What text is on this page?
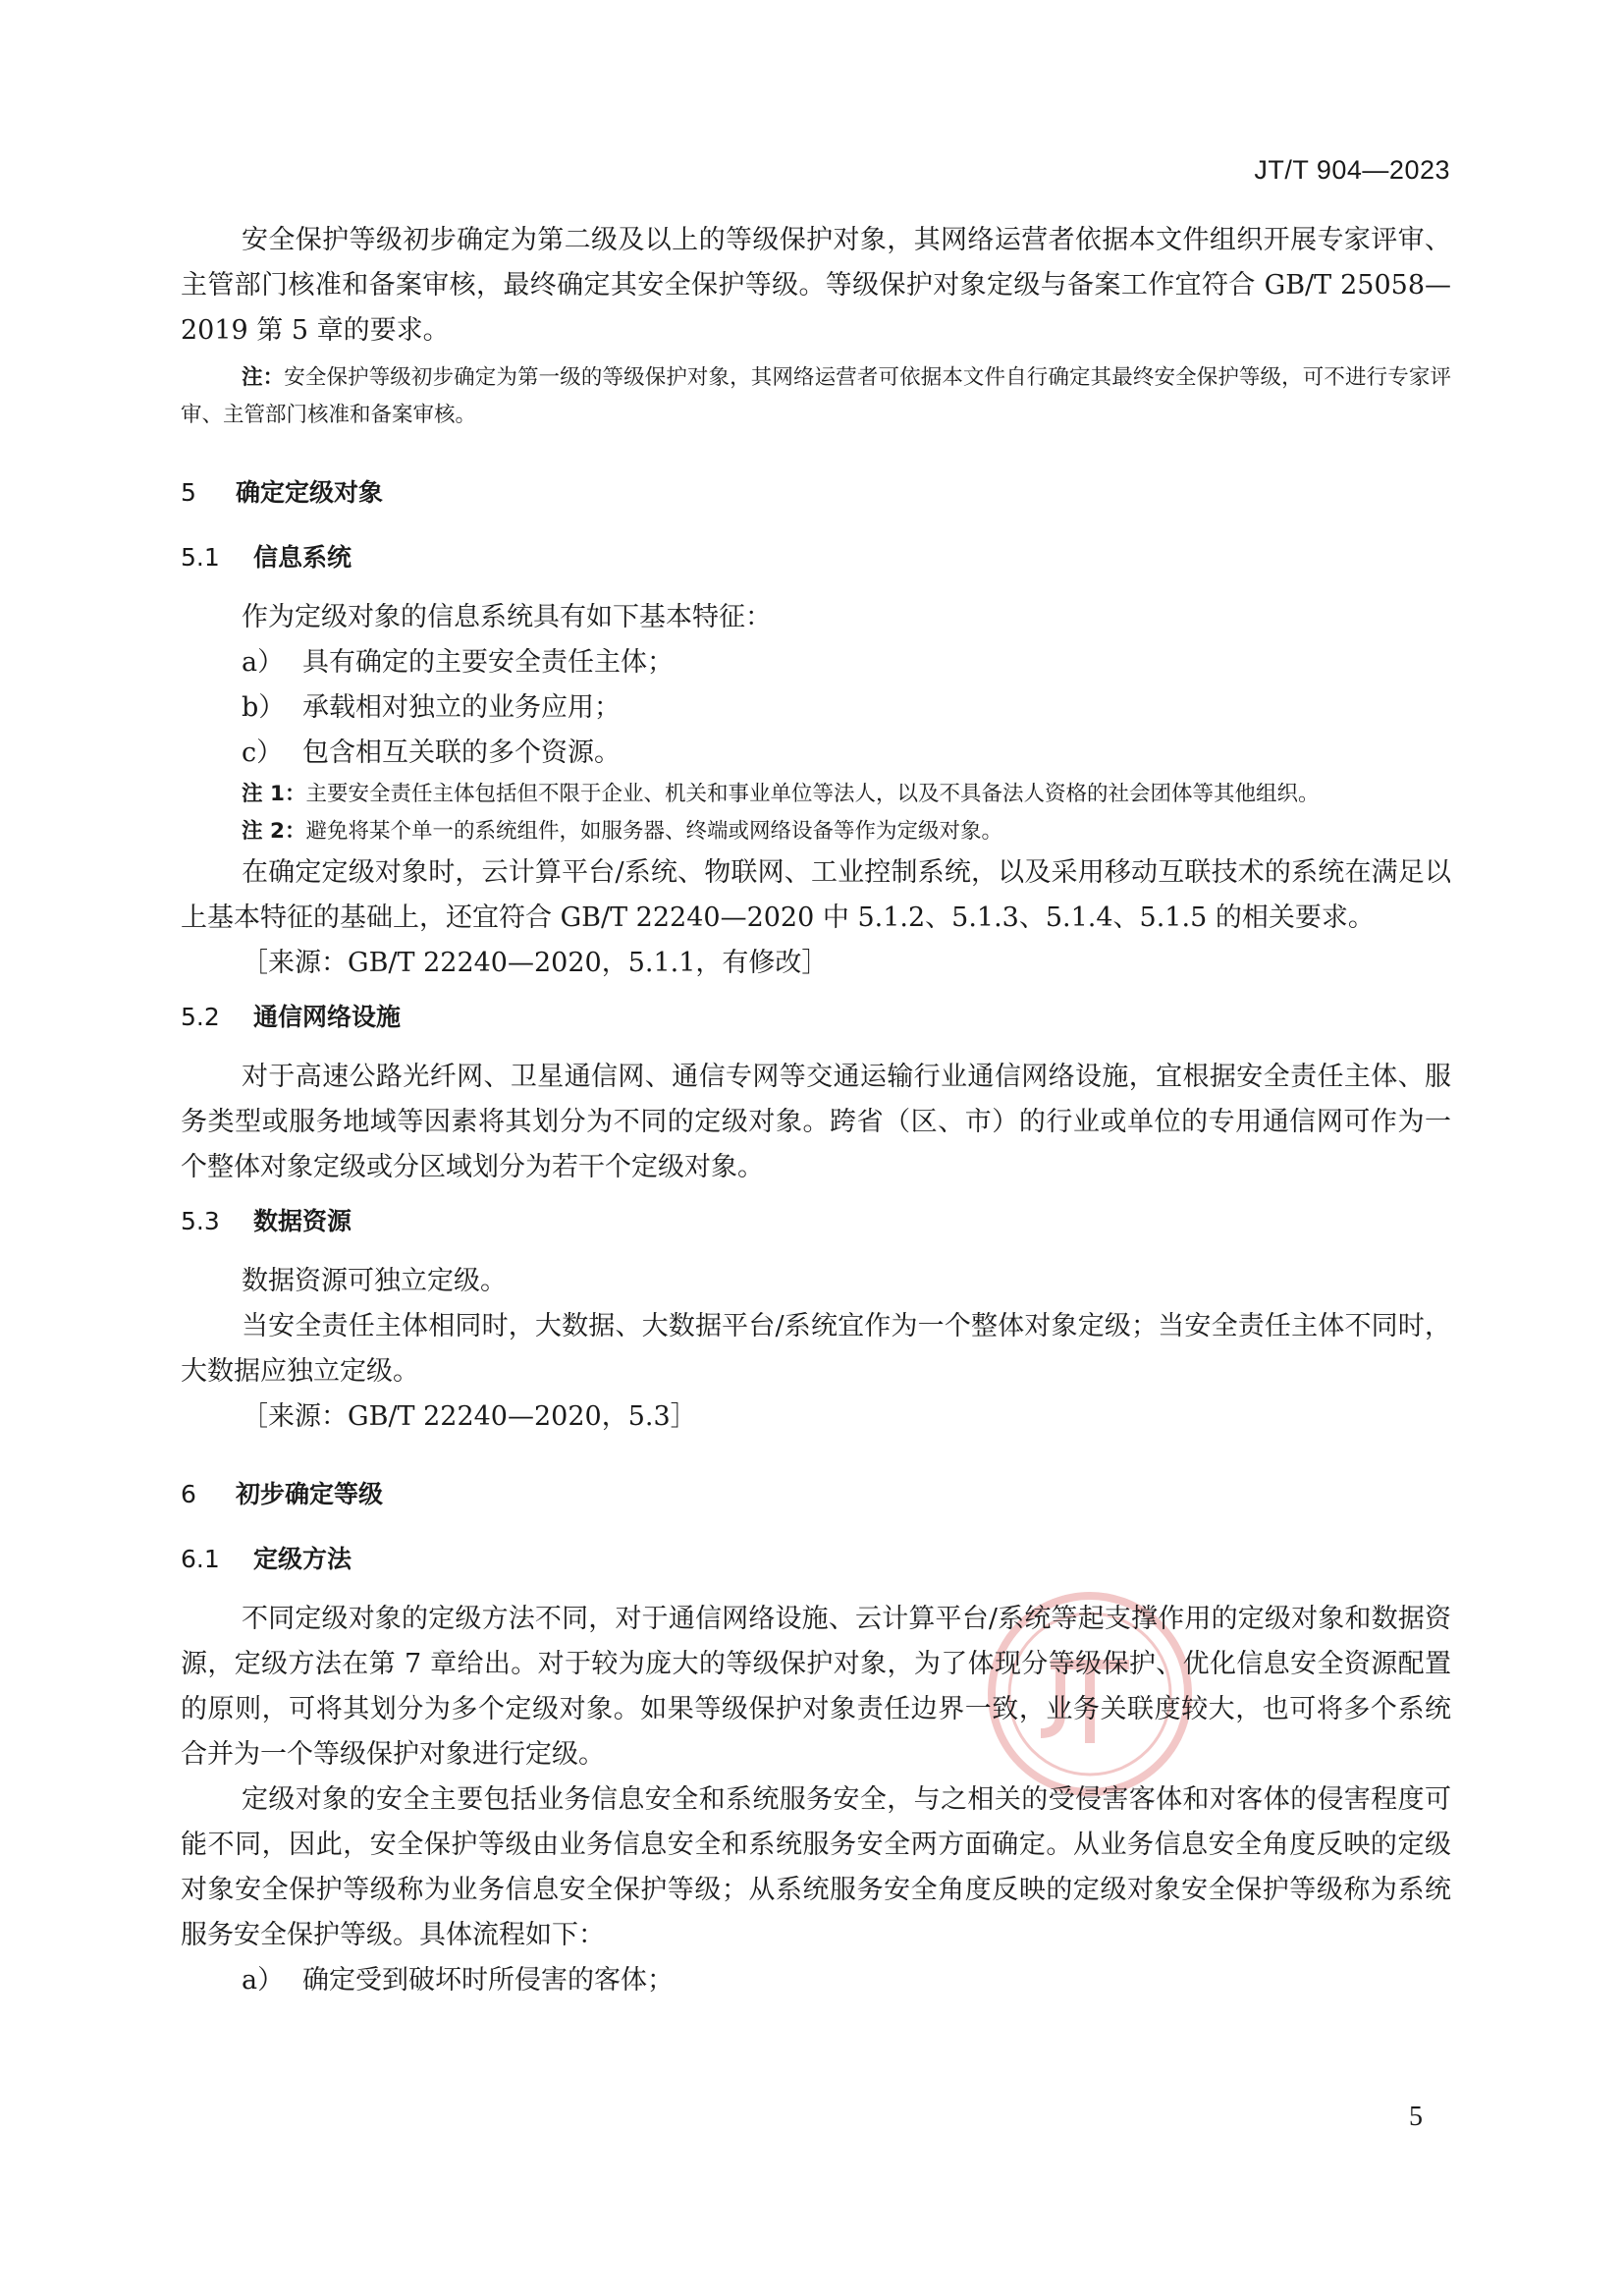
JT/T 904—2023

安全保护等级初步确定为第二级及以上的等级保护对象，其网络运营者依据本文件组织开展专家评审、主管部门核准和备案审核，最终确定其安全保护等级。等级保护对象定级与备案工作宜符合 GB/T 25058—2019 第 5 章的要求。

注：安全保护等级初步确定为第一级的等级保护对象，其网络运营者可依据本文件自行确定其最终安全保护等级，可不进行专家评审、主管部门核准和备案审核。

5 确定定级对象
5.1 信息系统

作为定级对象的信息系统具有如下基本特征：

a） 具有确定的主要安全责任主体；
b） 承载相对独立的业务应用；
c） 包含相互关联的多个资源。

注 1：主要安全责任主体包括但不限于企业、机关和事业单位等法人，以及不具备法人资格的社会团体等其他组织。

注 2：避免将某个单一的系统组件，如服务器、终端或网络设备等作为定级对象。

在确定定级对象时，云计算平台/系统、物联网、工业控制系统，以及采用移动互联技术的系统在满足以上基本特征的基础上，还宜符合 GB/T 22240—2020 中 5.1.2、5.1.3、5.1.4、5.1.5 的相关要求。

［来源：GB/T 22240—2020，5.1.1，有修改］

5.2 通信网络设施

对于高速公路光纤网、卫星通信网、通信专网等交通运输行业通信网络设施，宜根据安全责任主体、服务类型或服务地域等因素将其划分为不同的定级对象。跨省（区、市）的行业或单位的专用通信网可作为一个整体对象定级或分区域划分为若干个定级对象。

5.3 数据资源

数据资源可独立定级。

当安全责任主体相同时，大数据、大数据平台/系统宜作为一个整体对象定级；当安全责任主体不同时，大数据应独立定级。

［来源：GB/T 22240—2020，5.3］

6 初步确定等级
6.1 定级方法

不同定级对象的定级方法不同，对于通信网络设施、云计算平台/系统等起支撑作用的定级对象和数据资源，定级方法在第 7 章给出。对于较为庞大的等级保护对象，为了体现分等级保护、优化信息安全资源配置的原则，可将其划分为多个定级对象。如果等级保护对象责任边界一致，业务关联度较大，也可将多个系统合并为一个等级保护对象进行定级。

定级对象的安全主要包括业务信息安全和系统服务安全，与之相关的受侵害客体和对客体的侵害程度可能不同，因此，安全保护等级由业务信息安全和系统服务安全两方面确定。从业务信息安全角度反映的定级对象安全保护等级称为业务信息安全保护等级；从系统服务安全角度反映的定级对象安全保护等级称为系统服务安全保护等级。具体流程如下：

a） 确定受到破坏时所侵害的客体；
5
